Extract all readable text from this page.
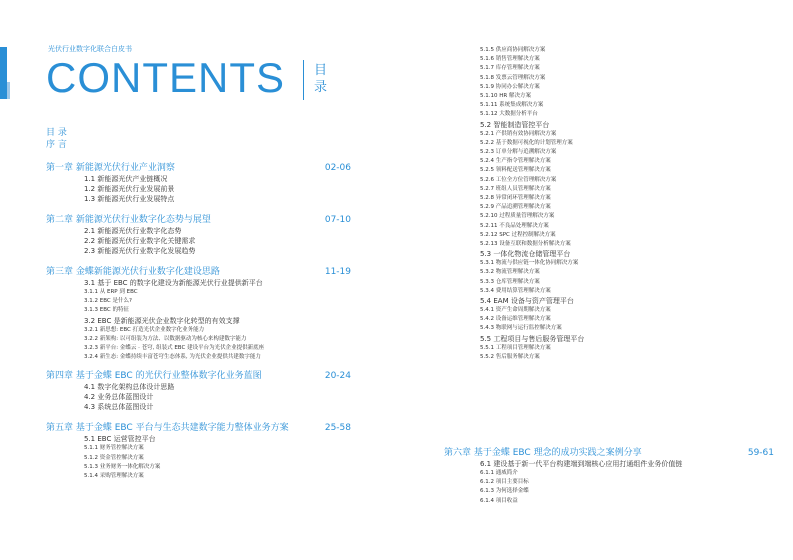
光伏行业数字化联合白皮书
CONTENTS 目
录
目 录
序 言
第一章 新能源光伏行业产业洞察	02-06
1.1 新能源光伏产业链概况
1.2 新能源光伏行业发展前景
1.3 新能源光伏行业发展特点
第二章 新能源光伏行业数字化态势与展望	07-10
2.1 新能源光伏行业数字化态势
2.2 新能源光伏行业数字化关键需求
2.3 新能源光伏行业数字化发展趋势
第三章 金蝶新能源光伏行业数字化建设思路	11-19
3.1 基于 EBC 的数字化建设为新能源光伏行业提供新平台
3.1.1 从 ERP 到 EBC
3.1.2 EBC 是什么?
3.1.3 EBC 的特征
3.2 EBC 是新能源光伏企业数字化转型的有效支撑
3.2.1 新思想: EBC 打造光伏企业数字化业务能力
3.2.2 新架构: 以可组装为方法、以数据驱动为核心来构建数字能力
3.2.3 新平台: 金蝶云 · 苍穹, 组装式 EBC 建设平台为光伏企业提供新底座
3.2.4 新生态: 金蝶持续丰富苍穹生态体系, 为光伏企业提供共建数字能力
第四章 基于金蝶 EBC 的光伏行业整体数字化业务蓝图	20-24
4.1 数字化架构总体设计思路
4.2 业务总体蓝图设计
4.3 系统总体蓝图设计
第五章 基于金蝶 EBC 平台与生态共建数字能力整体业务方案	25-58
5.1 EBC 运营管控平台
5.1.1 财务管控解决方案
5.1.2 资金管控解决方案
5.1.3 业务财务一体化解决方案
5.1.4 采购管理解决方案
5.1.5 供应商协同解决方案
5.1.6 销售管理解决方案
5.1.7 库存管理解决方案
5.1.8 发票云管理解决方案
5.1.9 协同办公解决方案
5.1.10 HR 解决方案
5.1.11 系统集成解决方案
5.1.12 大数据分析平台
5.2 智能制造管控平台
5.2.1 产供销有效协同解决方案
5.2.2 基于数据可视化的计划管理方案
5.2.3 订单分解与追溯解决方案
5.2.4 生产指令管理解决方案
5.2.5 领料配送管理解决方案
5.2.6 工位全方位管理解决方案
5.2.7 班组人员管理解决方案
5.2.8 异常闭环管理解决方案
5.2.9 产品追溯管理解决方案
5.2.10 过程质量管理解决方案
5.2.11 不良品处理解决方案
5.2.12 SPC 过程控制解决方案
5.2.13 设备互联和数据分析解决方案
5.3 一体化物流仓储管理平台
5.3.1 物流与供应链一体化协同解决方案
5.3.2 物流管理解决方案
5.3.3 仓库管理解决方案
5.3.4 费用结算管理解决方案
5.4 EAM 设备与资产管理平台
5.4.1 资产生命周期解决方案
5.4.2 设备运维管理解决方案
5.4.3 物联网与运行监控解决方案
5.5 工程项目与售后服务管理平台
5.5.1 工程项目管理解决方案
5.5.2 售后服务解决方案
第六章 基于金蝶 EBC 理念的成功实践之案例分享	59-61
6.1 建设基于新一代平台构建端到端核心应用打通组件业务价值链
6.1.1 通威简介
6.1.2 项目主要目标
6.1.3 为何选择金蝶
6.1.4 项目收益
